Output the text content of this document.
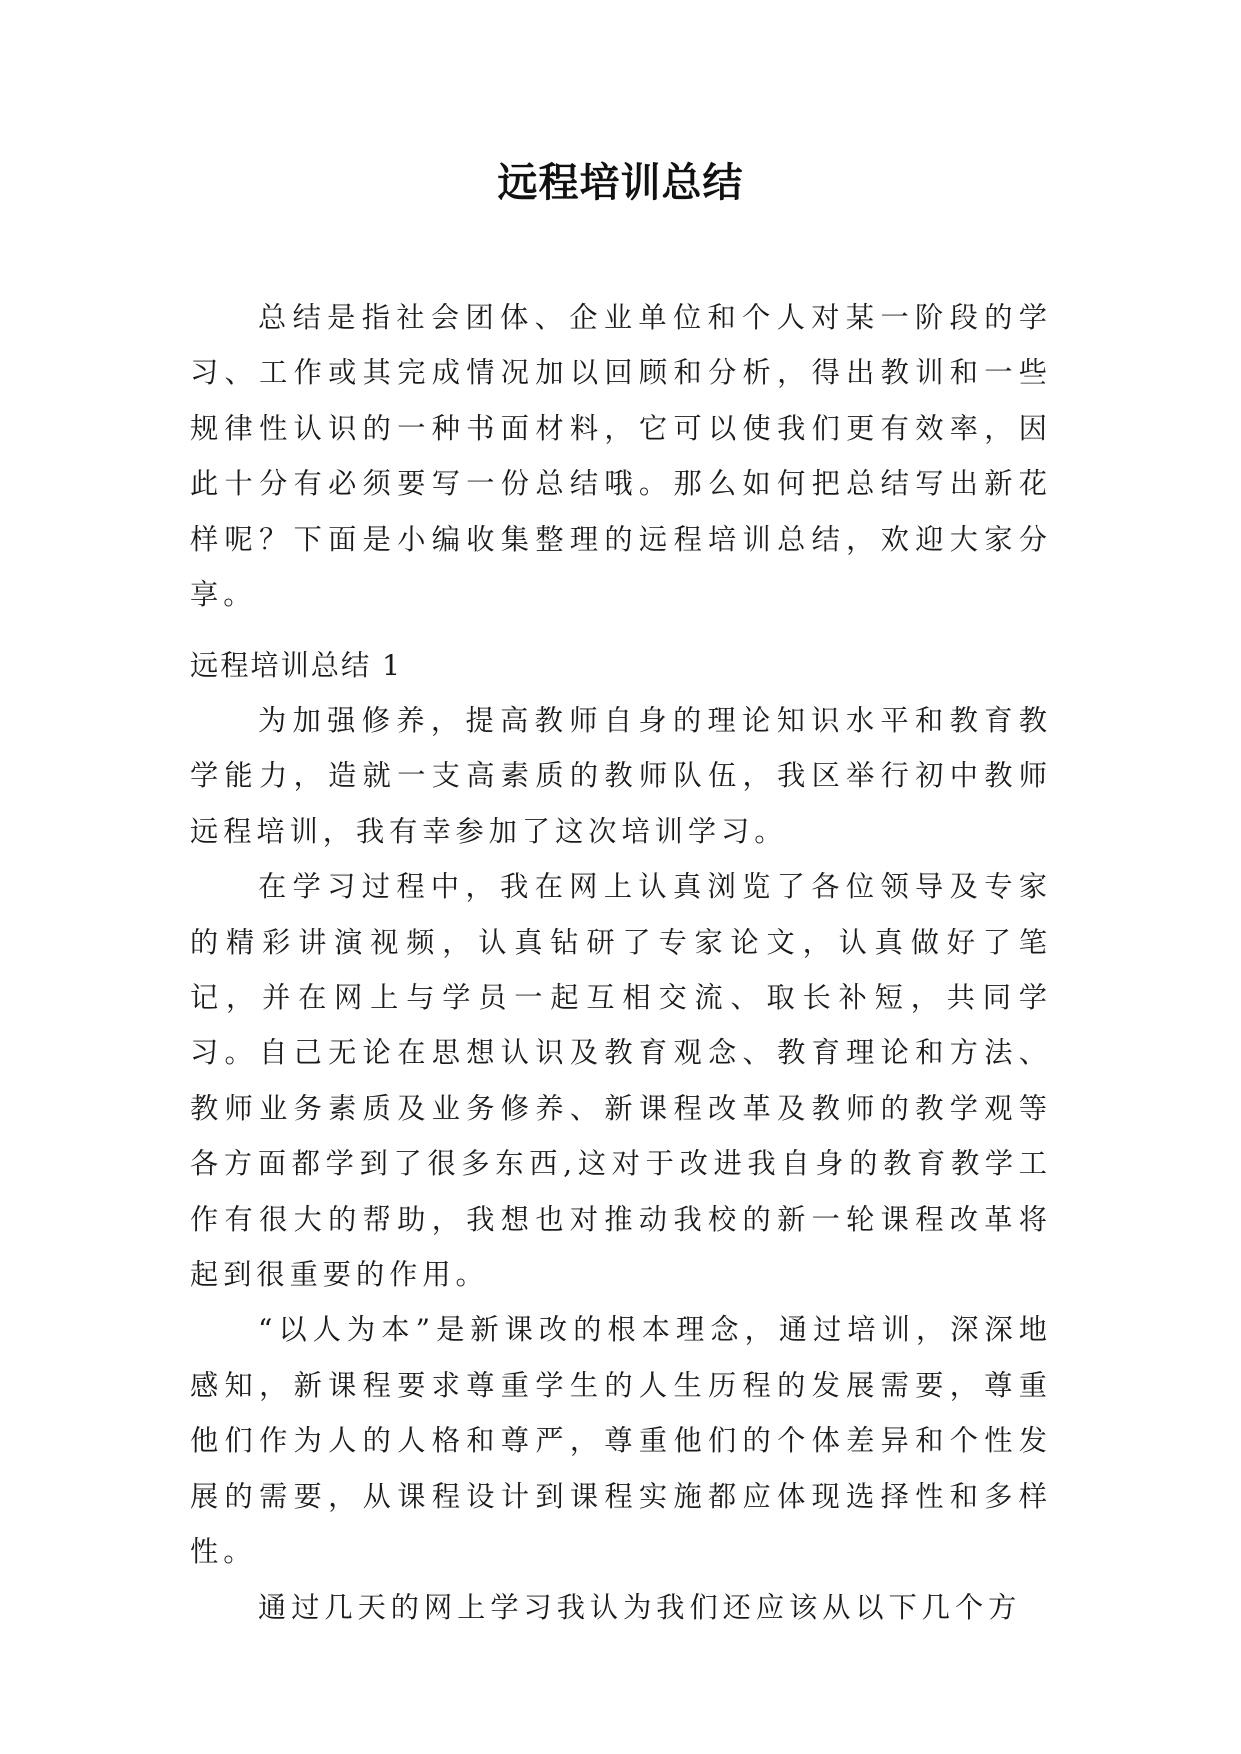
远程培训总结

总结是指社会团体、企业单位和个人对某一阶段的学习、工作或其完成情况加以回顾和分析，得出教训和一些规律性认识的一种书面材料，它可以使我们更有效率，因此十分有必须要写一份总结哦。那么如何把总结写出新花样呢？下面是小编收集整理的远程培训总结，欢迎大家分享。

远程培训总结 1

为加强修养，提高教师自身的理论知识水平和教育教学能力，造就一支高素质的教师队伍，我区举行初中教师远程培训，我有幸参加了这次培训学习。

在学习过程中，我在网上认真浏览了各位领导及专家的精彩讲演视频，认真钻研了专家论文，认真做好了笔记，并在网上与学员一起互相交流、取长补短，共同学习。自己无论在思想认识及教育观念、教育理论和方法、教师业务素质及业务修养、新课程改革及教师的教学观等各方面都学到了很多东西,这对于改进我自身的教育教学工作有很大的帮助，我想也对推动我校的新一轮课程改革将起到很重要的作用。

“以人为本”是新课改的根本理念，通过培训，深深地感知，新课程要求尊重学生的人生历程的发展需要，尊重他们作为人的人格和尊严，尊重他们的个体差异和个性发展的需要，从课程设计到课程实施都应体现选择性和多样性。

通过几天的网上学习我认为我们还应该从以下几个方
